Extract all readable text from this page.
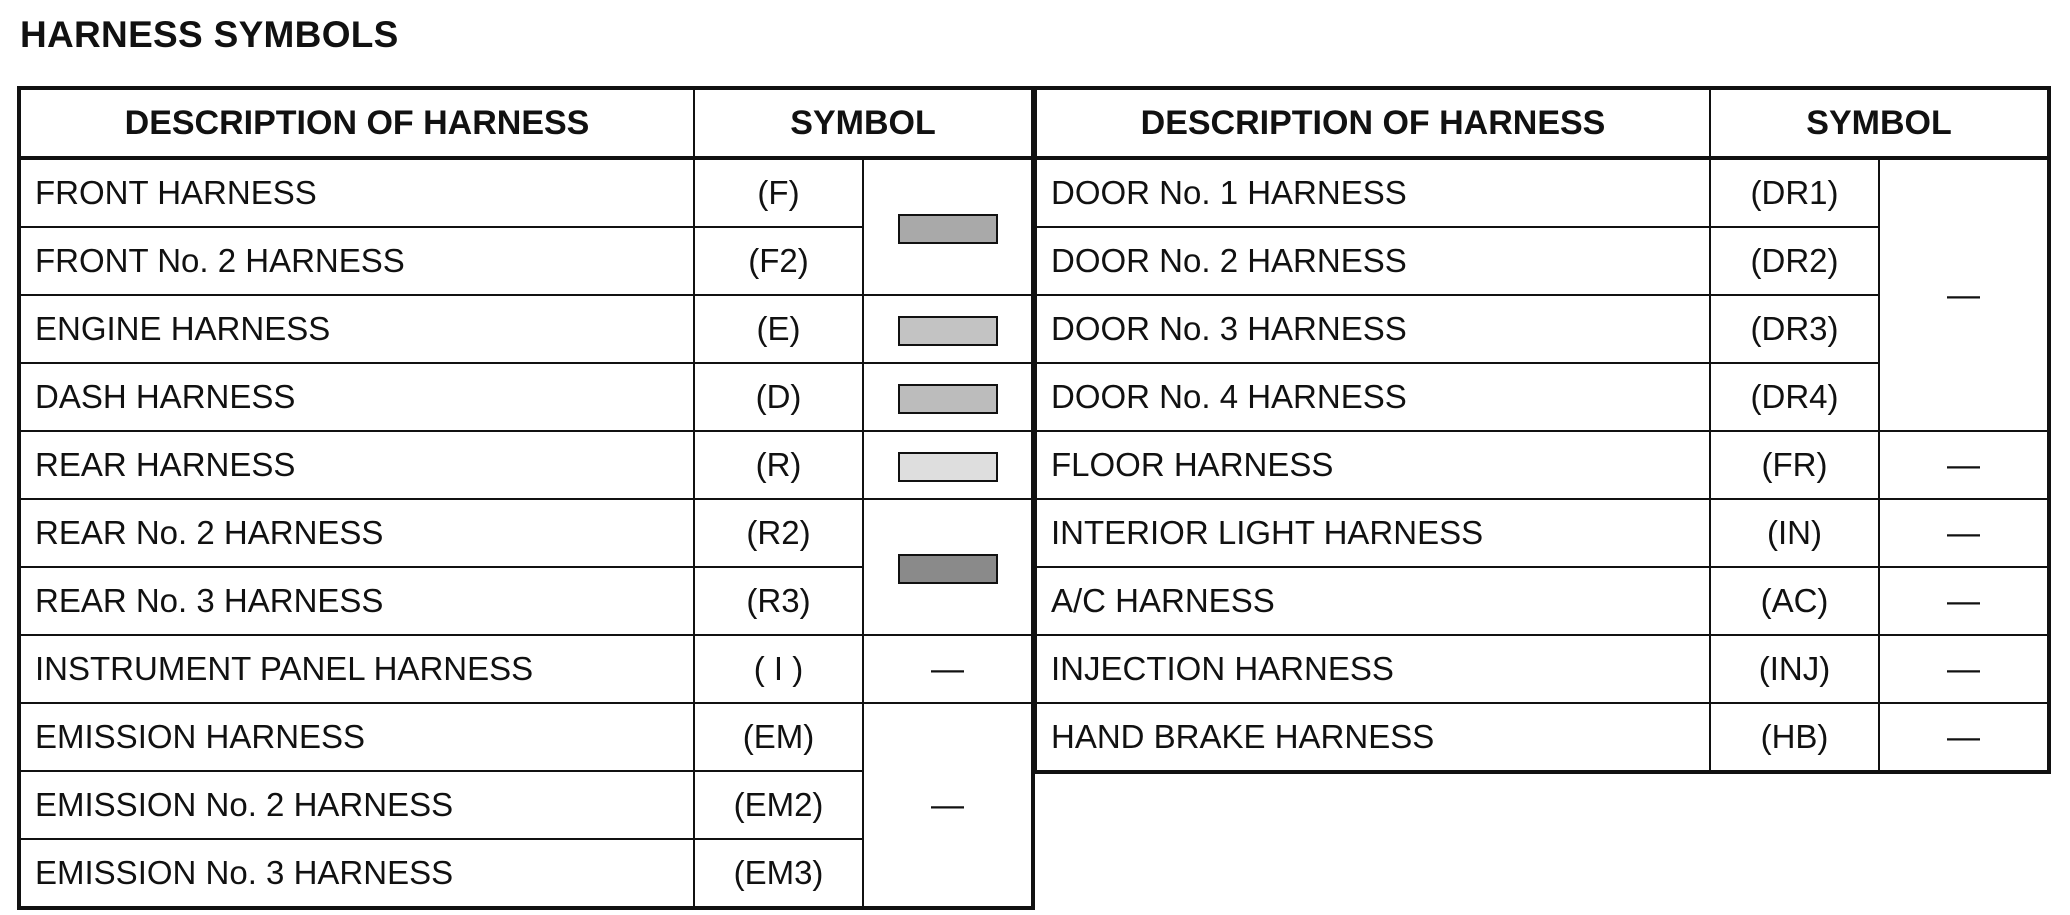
HARNESS SYMBOLS
DESCRIPTION OF HARNESS	SYMBOL	
FRONT HARNESS	(F)	
FRONT No. 2 HARNESS	(F2)	
ENGINE HARNESS	(E)	
DASH HARNESS	(D)	
REAR HARNESS	(R)	
REAR No. 2 HARNESS	(R2)	
REAR No. 3 HARNESS	(R3)	
INSTRUMENT PANEL HARNESS	( I )	—
EMISSION HARNESS	(EM)	—
EMISSION No. 2 HARNESS	(EM2)	
EMISSION No. 3 HARNESS	(EM3)	
DESCRIPTION OF HARNESS	SYMBOL	
DOOR No. 1 HARNESS	(DR1)	—
DOOR No. 2 HARNESS	(DR2)	
DOOR No. 3 HARNESS	(DR3)	
DOOR No. 4 HARNESS	(DR4)	
FLOOR HARNESS	(FR)	—
INTERIOR LIGHT HARNESS	(IN)	—
A/C HARNESS	(AC)	—
INJECTION HARNESS	(INJ)	—
HAND BRAKE HARNESS	(HB)	—
